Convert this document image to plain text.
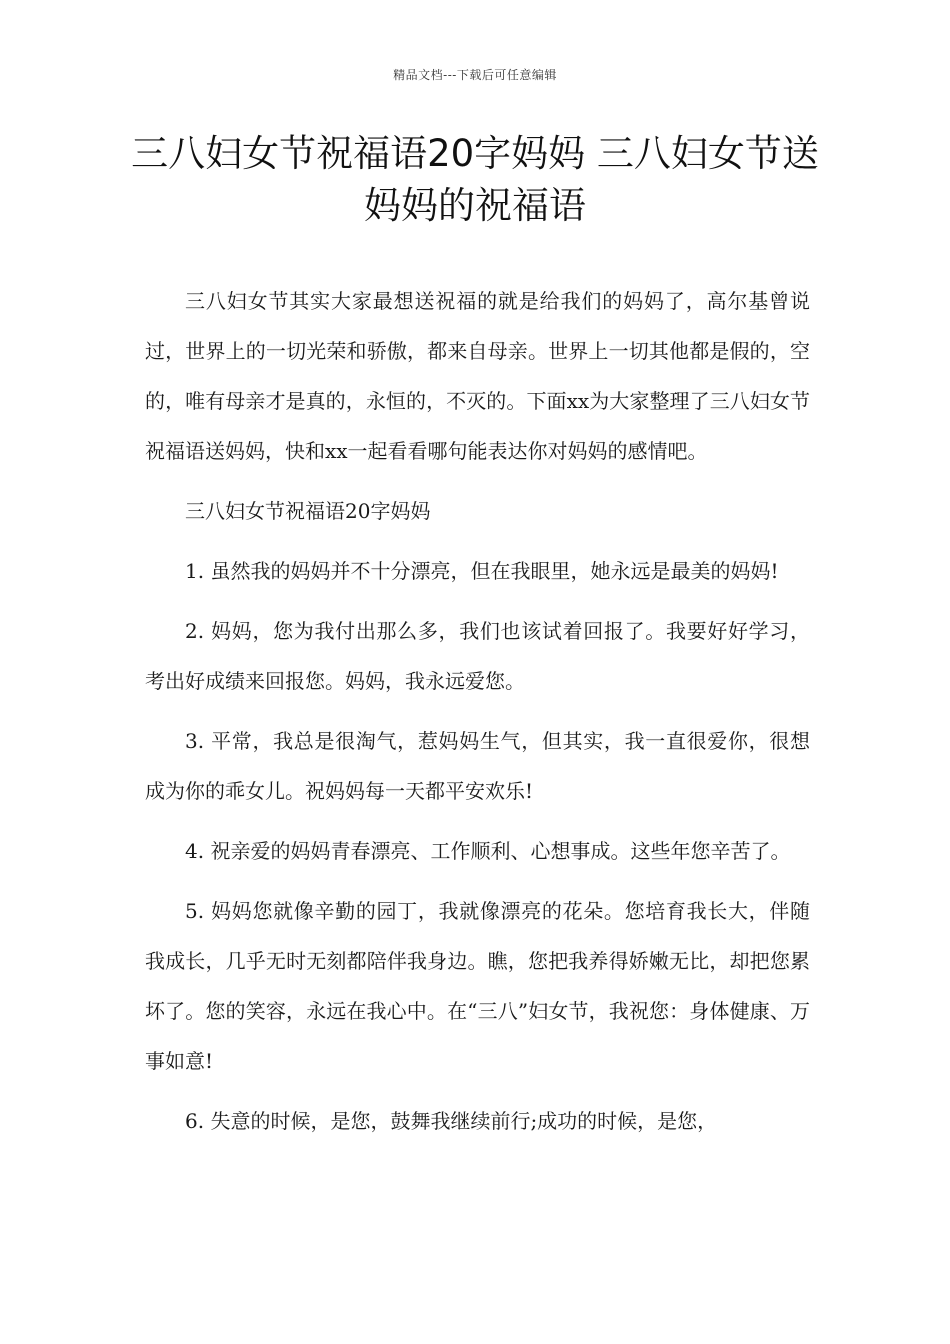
精品文档---下载后可任意编辑
三八妇女节祝福语20字妈妈 三八妇女节送妈妈的祝福语

三八妇女节其实大家最想送祝福的就是给我们的妈妈了，高尔基曾说过，世界上的一切光荣和骄傲，都来自母亲。世界上一切其他都是假的，空的，唯有母亲才是真的，永恒的，不灭的。下面xx为大家整理了三八妇女节祝福语送妈妈，快和xx一起看看哪句能表达你对妈妈的感情吧。

三八妇女节祝福语20字妈妈

1. 虽然我的妈妈并不十分漂亮，但在我眼里，她永远是最美的妈妈!

2. 妈妈，您为我付出那么多，我们也该试着回报了。我要好好学习，考出好成绩来回报您。妈妈，我永远爱您。

3. 平常，我总是很淘气，惹妈妈生气，但其实，我一直很爱你，很想成为你的乖女儿。祝妈妈每一天都平安欢乐!

4. 祝亲爱的妈妈青春漂亮、工作顺利、心想事成。这些年您辛苦了。

5. 妈妈您就像辛勤的园丁，我就像漂亮的花朵。您培育我长大，伴随我成长，几乎无时无刻都陪伴我身边。瞧，您把我养得娇嫩无比，却把您累坏了。您的笑容，永远在我心中。在“三八”妇女节，我祝您：身体健康、万事如意!

6. 失意的时候，是您，鼓舞我继续前行;成功的时候，是您，
